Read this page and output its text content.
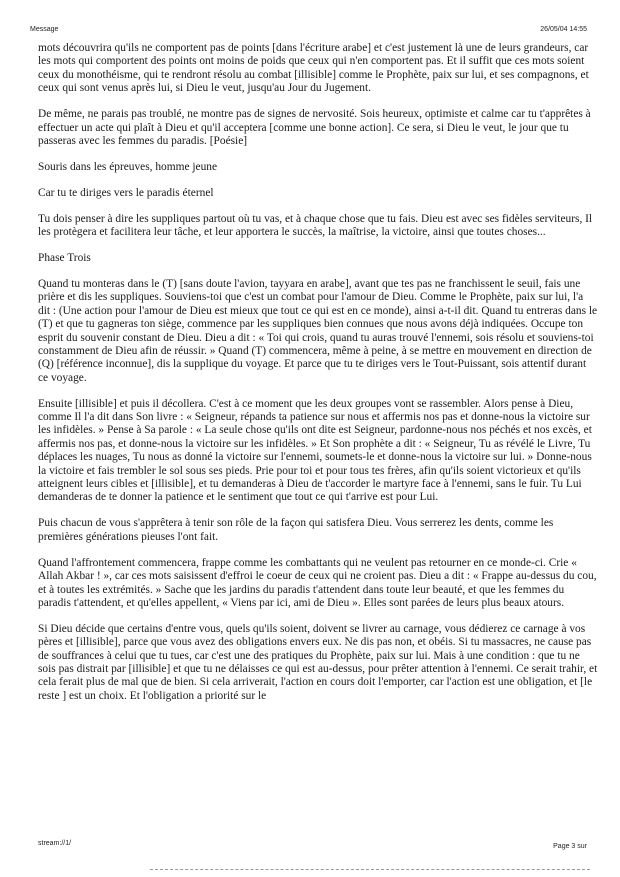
Message	26/05/04 14:55

mots découvrira qu'ils ne comportent pas de points [dans l'écriture arabe] et c'est justement là une de leurs grandeurs, car les mots qui comportent des points ont moins de poids que ceux qui n'en comportent pas. Et il suffit que ces mots soient ceux du monothéisme, qui te rendront résolu au combat [illisible] comme le Prophète, paix sur lui, et ses compagnons, et ceux qui sont venus après lui, si Dieu le veut, jusqu'au Jour du Jugement.

De même, ne parais pas troublé, ne montre pas de signes de nervosité. Sois heureux, optimiste et calme car tu t'apprêtes à effectuer un acte qui plaît à Dieu et qu'il acceptera [comme une bonne action]. Ce sera, si Dieu le veut, le jour que tu passeras avec les femmes du paradis. [Poésie]

Souris dans les épreuves, homme jeune

Car tu te diriges vers le paradis éternel

Tu dois penser à dire les suppliques partout où tu vas, et à chaque chose que tu fais. Dieu est avec ses fidèles serviteurs, Il les protègera et facilitera leur tâche, et leur apportera le succès, la maîtrise, la victoire, ainsi que toutes choses...

Phase Trois

Quand tu monteras dans le (T) [sans doute l'avion, tayyara en arabe], avant que tes pas ne franchissent le seuil, fais une prière et dis les suppliques. Souviens-toi que c'est un combat pour l'amour de Dieu. Comme le Prophète, paix sur lui, l'a dit : (Une action pour l'amour de Dieu est mieux que tout ce qui est en ce monde), ainsi a-t-il dit. Quand tu entreras dans le (T) et que tu gagneras ton siège, commence par les suppliques bien connues que nous avons déjà indiquées. Occupe ton esprit du souvenir constant de Dieu. Dieu a dit : « Toi qui crois, quand tu auras trouvé l'ennemi, sois résolu et souviens-toi constamment de Dieu afin de réussir. » Quand (T) commencera, même à peine, à se mettre en mouvement en direction de (Q) [référence inconnue], dis la supplique du voyage. Et parce que tu te diriges vers le Tout-Puissant, sois attentif durant ce voyage.

Ensuite [illisible] et puis il décollera. C'est à ce moment que les deux groupes vont se rassembler. Alors pense à Dieu, comme Il l'a dit dans Son livre : « Seigneur, répands ta patience sur nous et affermis nos pas et donne-nous la victoire sur les infidèles. » Pense à Sa parole : « La seule chose qu'ils ont dite est Seigneur, pardonne-nous nos péchés et nos excès, et affermis nos pas, et donne-nous la victoire sur les infidèles. » Et Son prophète a dit : « Seigneur, Tu as révélé le Livre, Tu déplaces les nuages, Tu nous as donné la victoire sur l'ennemi, soumets-le et donne-nous la victoire sur lui. » Donne-nous la victoire et fais trembler le sol sous ses pieds. Prie pour toi et pour tous tes frères, afin qu'ils soient victorieux et qu'ils atteignent leurs cibles et [illisible], et tu demanderas à Dieu de t'accorder le martyre face à l'ennemi, sans le fuir. Tu Lui demanderas de te donner la patience et le sentiment que tout ce qui t'arrive est pour Lui.

Puis chacun de vous s'apprêtera à tenir son rôle de la façon qui satisfera Dieu. Vous serrerez les dents, comme les premières générations pieuses l'ont fait.

Quand l'affrontement commencera, frappe comme les combattants qui ne veulent pas retourner en ce monde-ci. Crie « Allah Akbar ! », car ces mots saisissent d'effroi le coeur de ceux qui ne croient pas. Dieu a dit : « Frappe au-dessus du cou, et à toutes les extrémités. » Sache que les jardins du paradis t'attendent dans toute leur beauté, et que les femmes du paradis t'attendent, et qu'elles appellent, « Viens par ici, ami de Dieu ». Elles sont parées de leurs plus beaux atours.

Si Dieu décide que certains d'entre vous, quels qu'ils soient, doivent se livrer au carnage, vous dédierez ce carnage à vos pères et [illisible], parce que vous avez des obligations envers eux. Ne dis pas non, et obéis. Si tu massacres, ne cause pas de souffrances à celui que tu tues, car c'est une des pratiques du Prophète, paix sur lui. Mais à une condition : que tu ne sois pas distrait par [illisible] et que tu ne délaisses ce qui est au-dessus, pour prêter attention à l'ennemi. Ce serait trahir, et cela ferait plus de mal que de bien. Si cela arriverait, l'action en cours doit l'emporter, car l'action est une obligation, et [le reste ] est un choix. Et l'obligation a priorité sur le

stream://1/	Page 3 sur
